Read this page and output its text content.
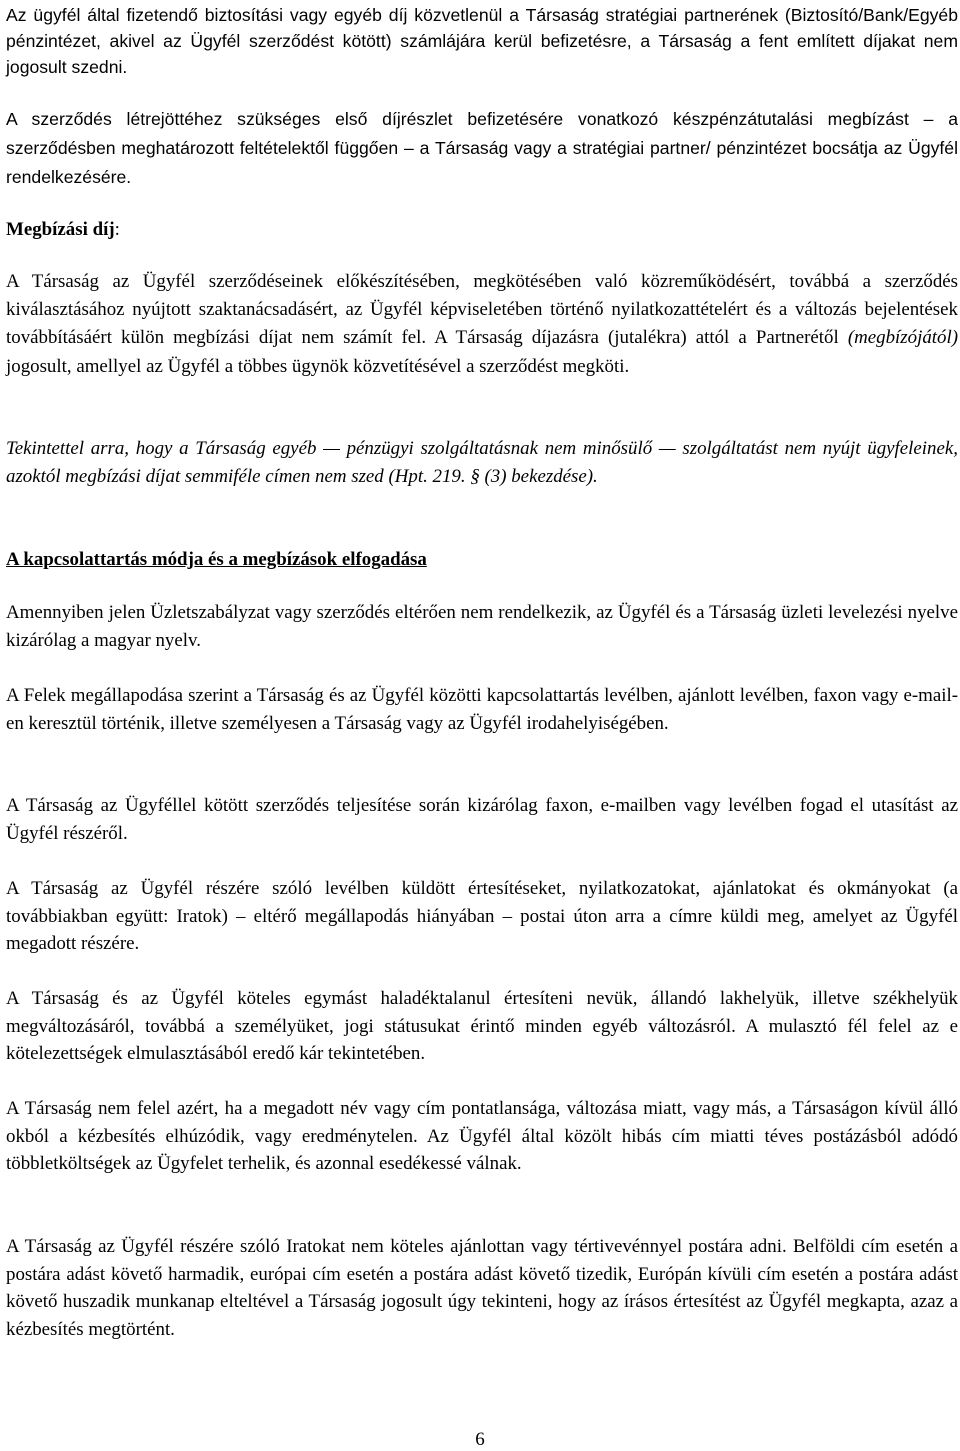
Az ügyfél által fizetendő biztosítási vagy egyéb díj közvetlenül a Társaság stratégiai partnerének (Biztosító/Bank/Egyéb pénzintézet, akivel az Ügyfél szerződést kötött) számlájára kerül befizetésre, a Társaság a fent említett díjakat nem jogosult szedni.

A szerződés létrejöttéhez szükséges első díjrészlet befizetésére vonatkozó készpénzátutalási megbízást – a szerződésben meghatározott feltételektől függően – a Társaság vagy a stratégiai partner/ pénzintézet bocsátja az Ügyfél rendelkezésére.

Megbízási díj:

A Társaság az Ügyfél szerződéseinek előkészítésében, megkötésében való közreműködésért, továbbá a szerződés kiválasztásához nyújtott szaktanácsadásért, az Ügyfél képviseletében történő nyilatkozattételért és a változás bejelentések továbbításáért külön megbízási díjat nem számít fel. A Társaság díjazásra (jutalékra) attól a Partnerétől (megbízójától) jogosult, amellyel az Ügyfél a többes ügynök közvetítésével a szerződést megköti.

Tekintettel arra, hogy a Társaság egyéb — pénzügyi szolgáltatásnak nem minősülő — szolgáltatást nem nyújt ügyfeleinek, azoktól megbízási díjat semmiféle címen nem szed (Hpt. 219. § (3) bekezdése).

A kapcsolattartás módja és a megbízások elfogadása

Amennyiben jelen Üzletszabályzat vagy szerződés eltérően nem rendelkezik, az Ügyfél és a Társaság üzleti levelezési nyelve kizárólag a magyar nyelv.

A Felek megállapodása szerint a Társaság és az Ügyfél közötti kapcsolattartás levélben, ajánlott levélben, faxon vagy e-mail-en keresztül történik, illetve személyesen a Társaság vagy az Ügyfél irodahelyiségében.

A Társaság az Ügyféllel kötött szerződés teljesítése során kizárólag faxon, e-mailben vagy levélben fogad el utasítást az Ügyfél részéről.

A Társaság az Ügyfél részére szóló levélben küldött értesítéseket, nyilatkozatokat, ajánlatokat és okmányokat (a továbbiakban együtt: Iratok) – eltérő megállapodás hiányában – postai úton arra a címre küldi meg, amelyet az Ügyfél megadott részére.

A Társaság és az Ügyfél köteles egymást haladéktalanul értesíteni nevük, állandó lakhelyük, illetve székhelyük megváltozásáról, továbbá a személyüket, jogi státusukat érintő minden egyéb változásról. A mulasztó fél felel az e kötelezettségek elmulasztásából eredő kár tekintetében.

A Társaság nem felel azért, ha a megadott név vagy cím pontatlansága, változása miatt, vagy más, a Társaságon kívül álló okból a kézbesítés elhúzódik, vagy eredménytelen. Az Ügyfél által közölt hibás cím miatti téves postázásból adódó többletköltségek az Ügyfelet terhelik, és azonnal esedékessé válnak.

A Társaság az Ügyfél részére szóló Iratokat nem köteles ajánlottan vagy tértivevénnyel postára adni. Belföldi cím esetén a postára adást követő harmadik, európai cím esetén a postára adást követő tizedik, Európán kívüli cím esetén a postára adást követő huszadik munkanap elteltével a Társaság jogosult úgy tekinteni, hogy az írásos értesítést az Ügyfél megkapta, azaz a kézbesítés megtörtént.

6
